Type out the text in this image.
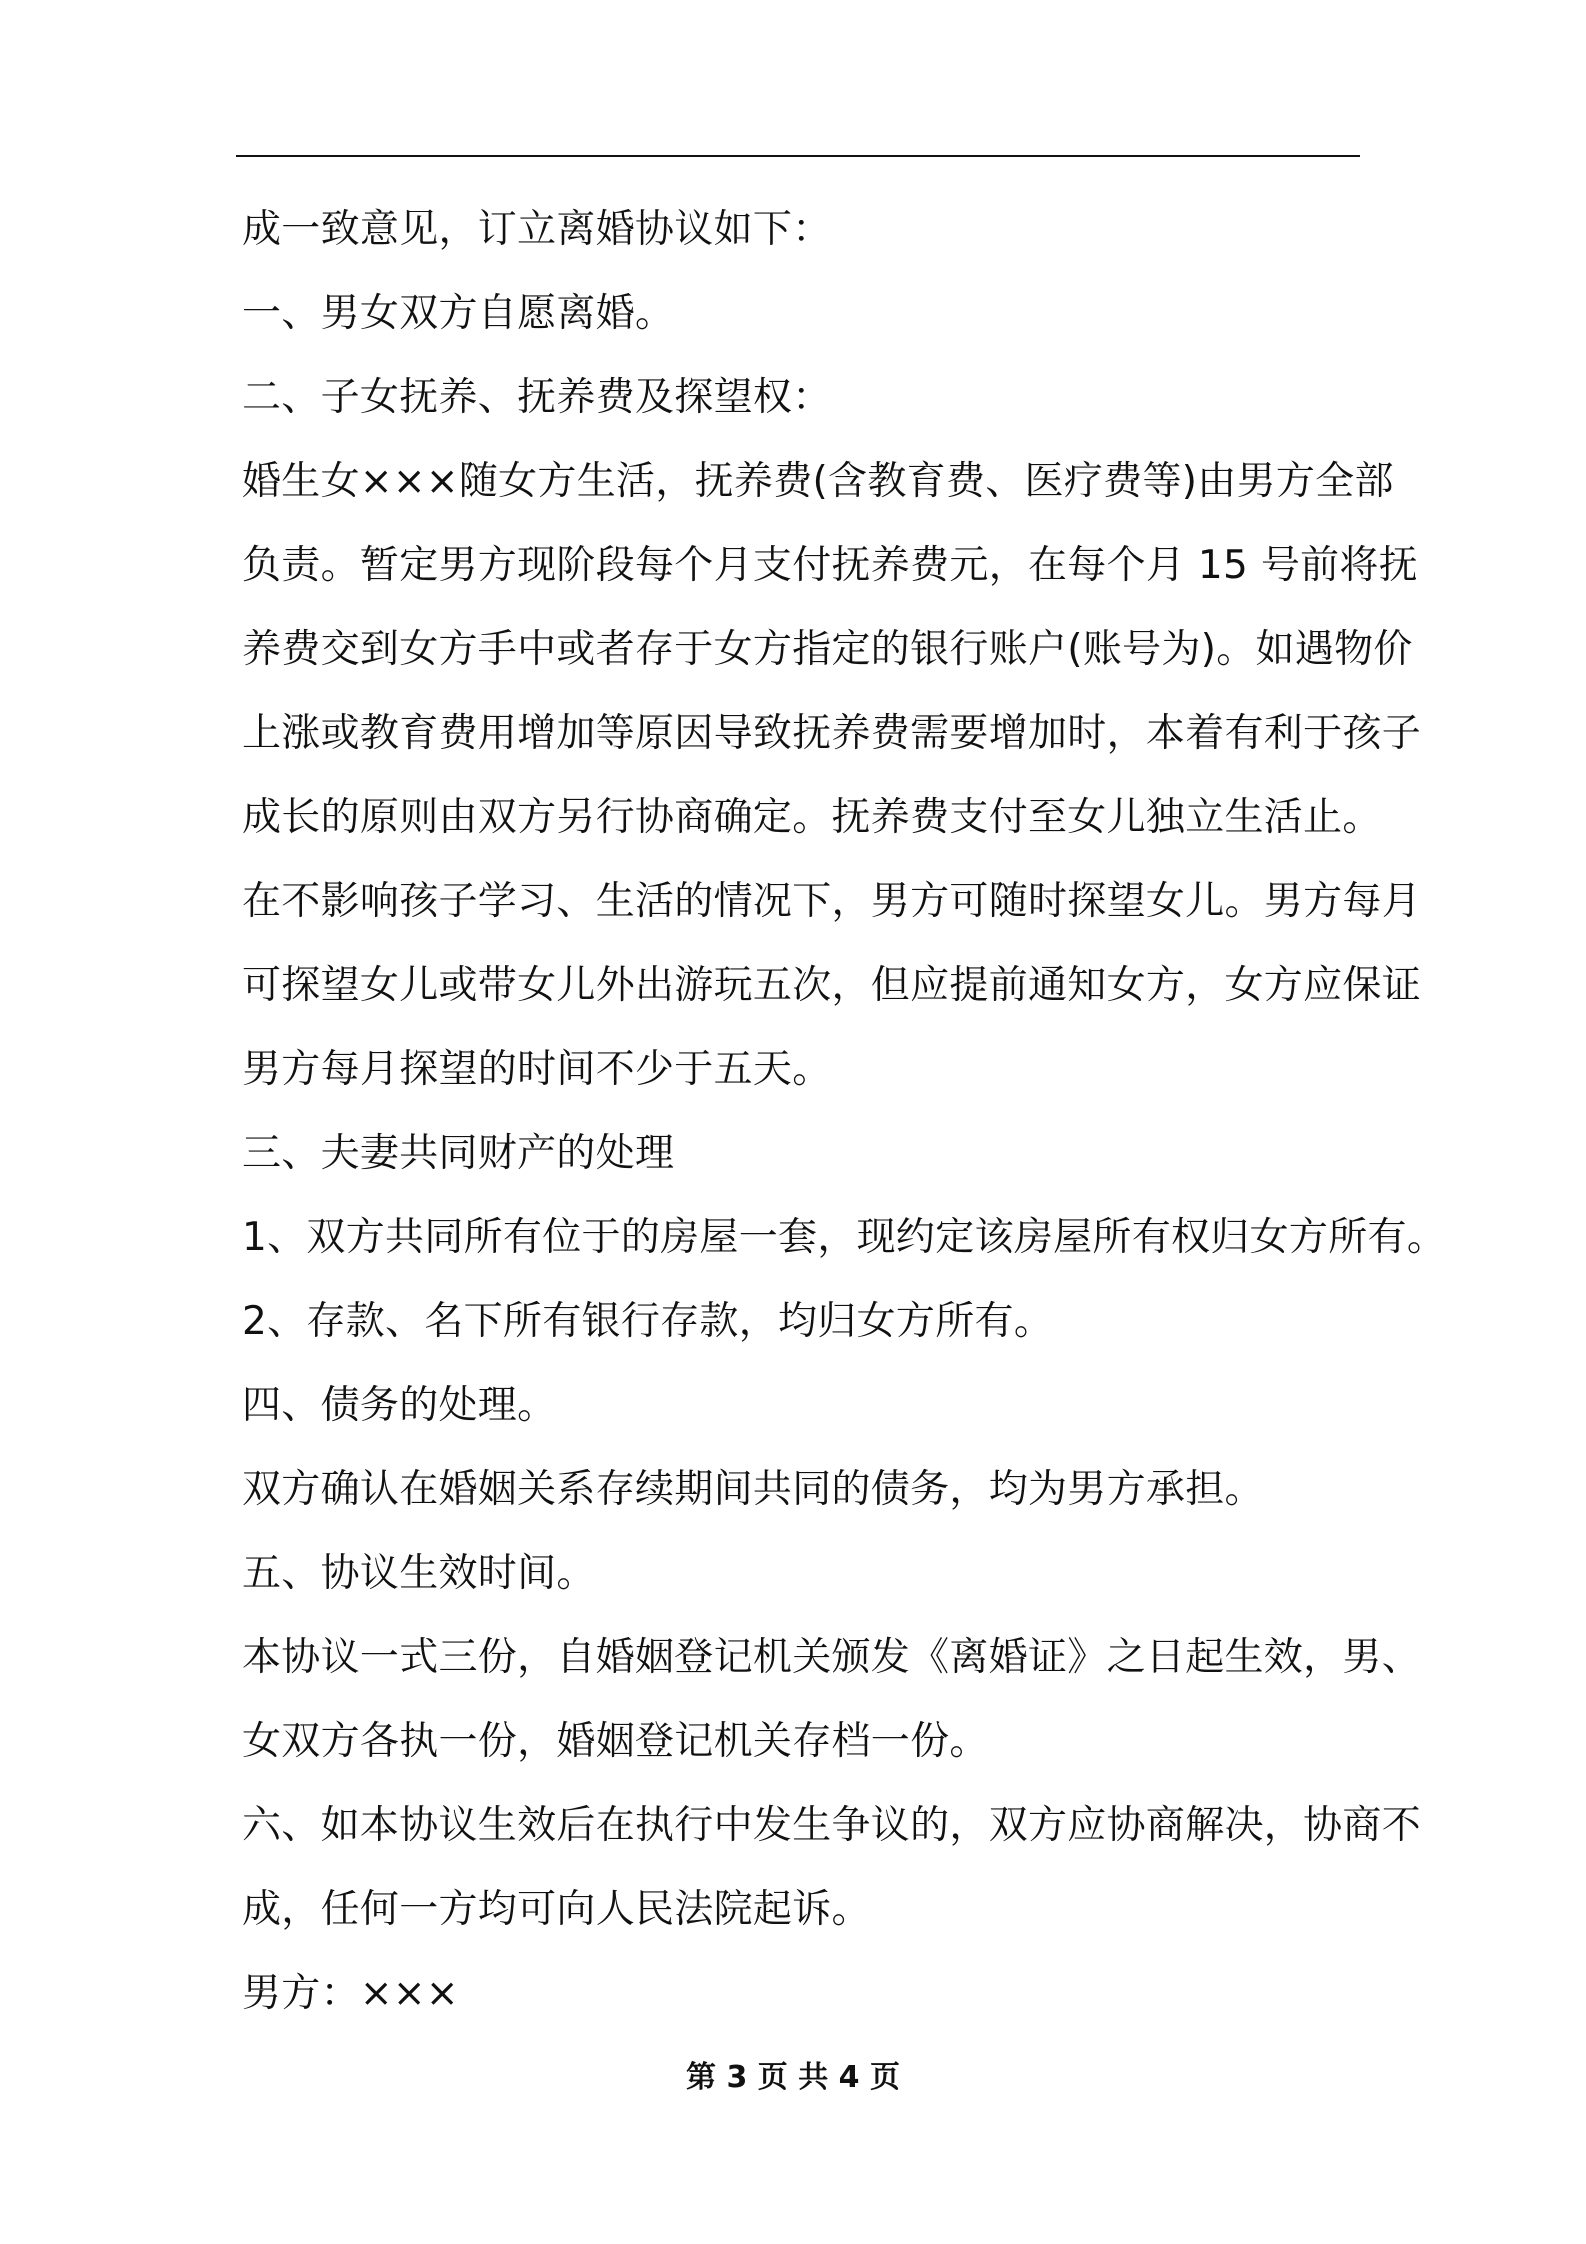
成一致意见，订立离婚协议如下：
一、男女双方自愿离婚。
二、子女抚养、抚养费及探望权：
婚生女×××随女方生活，抚养费(含教育费、医疗费等)由男方全部
负责。暂定男方现阶段每个月支付抚养费元，在每个月 15 号前将抚
养费交到女方手中或者存于女方指定的银行账户(账号为)。如遇物价
上涨或教育费用增加等原因导致抚养费需要增加时，本着有利于孩子
成长的原则由双方另行协商确定。抚养费支付至女儿独立生活止。
在不影响孩子学习、生活的情况下，男方可随时探望女儿。男方每月
可探望女儿或带女儿外出游玩五次，但应提前通知女方，女方应保证
男方每月探望的时间不少于五天。
三、夫妻共同财产的处理
1、双方共同所有位于的房屋一套，现约定该房屋所有权归女方所有。
2、存款、名下所有银行存款，均归女方所有。
四、债务的处理。
双方确认在婚姻关系存续期间共同的债务，均为男方承担。
五、协议生效时间。
本协议一式三份，自婚姻登记机关颁发《离婚证》之日起生效，男、
女双方各执一份，婚姻登记机关存档一份。
六、如本协议生效后在执行中发生争议的，双方应协商解决，协商不
成，任何一方均可向人民法院起诉。
男方：×××
第 3 页 共 4 页
